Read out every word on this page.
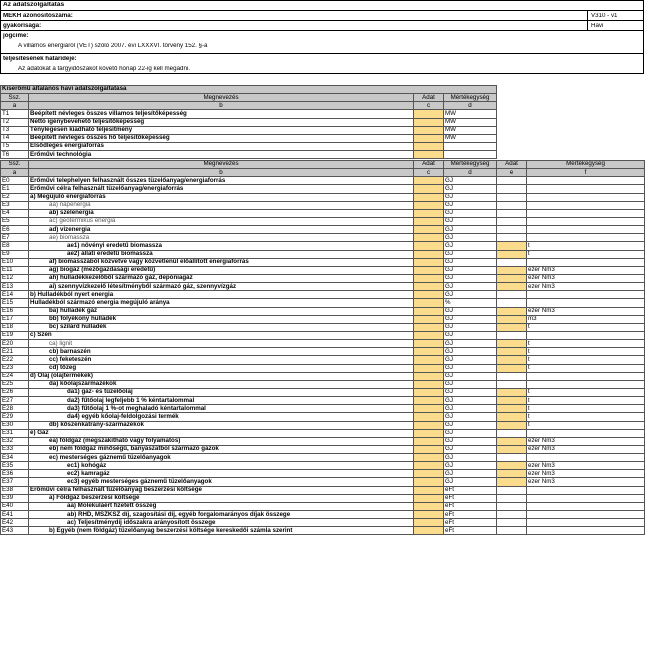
Az adatszolgáltatás
MEKH azonosítószáma:	V310 - v1
gyakorisága:	Havi
jogcíme:
A villamos energiáról (VET) szóló 2007. évi LXXXVI. törvény 152. §-a
teljesítésének határideje:
Az adatokat a tárgyidőszakot követő hónap 22-ig kell megadni.
Kiserőmű általános havi adatszolgáltatása			
Ssz.	Megnevezés	Adat	Mértékegység
a	b	c	d
T1	Beépített névleges összes villamos teljesítőképesség		MW
T2	Nettó igénybevehető teljesítőképesség		MW
T3	Ténylegesen kiadható teljesítmény		MW
T4	Beépített névleges összes hő teljesítőképesség		MW
T5	Elsődleges energiaforrás		
T6	Erőművi technológia		
Ssz.	Megnevezés	Adat	Mértékegység	Adat	Mértékegység
a	b	c	d	e	f
E0	Erőművi telephelyen felhasznált összes tüzelőanyag/energiaforrás		GJ		
E1	Erőművi célra felhasznált tüzelőanyag/energiaforrás		GJ		
E2	a) Megújuló energiaforrás		GJ		
E3	aa) napenergia		GJ		
E4	ab) szélenergia		GJ		
E5	ac) geotermikus energia		GJ		
E6	ad) vízenergia		GJ		
E7	ae) biomassza		GJ		
E8	ae1) növényi eredetű biomassza		GJ		t
E9	ae2) állati eredetű biomassza		GJ		t
E10	af) biomasszából közvetve vagy közvetlenül előállított energiaforrás		GJ		
E11	ag) biogáz (mezőgazdasági eredetű)		GJ		ezer Nm3
E12	ah) hulladékkezelőből származó gáz, depóniagáz		GJ		ezer Nm3
E13	ai) szennyvízkezelő létesítményből származó gáz, szennyvízgáz		GJ		ezer Nm3
E14	b) Hulladékból nyert energia		GJ		
E15	Hulladékból származó energia megújuló aránya		%		
E16	ba) hulladék gáz		GJ		ezer Nm3
E17	bb) folyékony hulladék		GJ		m3
E18	bc) szilárd hulladék		GJ		t
E19	c) Szén		GJ		
E20	ca) lignit		GJ		t
E21	cb) barnaszén		GJ		t
E22	cc) feketeszén		GJ		t
E23	cd) tőzeg		GJ		t
E24	d) Olaj (olajtermékek)		GJ		
E25	da) kőolajszármazékok		GJ		
E26	da1) gáz- és tüzelőolaj		GJ		t
E27	da2) fűtőolaj legfeljebb 1 % kéntartalommal		GJ		t
E28	da3) fűtőolaj 1 %-ot meghaladó kéntartalommal		GJ		t
E29	da4) egyéb kőolaj-feldolgozási termék		GJ		t
E30	db) kőszénkátrány-származékok		GJ		t
E31	e) Gáz		GJ		
E32	ea) földgáz (megszakítható vagy folyamatos)		GJ		ezer Nm3
E33	eb) nem földgáz minőségű, bányászatból származó gázok		GJ		ezer Nm3
E34	ec) mesterséges gáznemű tüzelőanyagok		GJ		
E35	ec1) kohógáz		GJ		ezer Nm3
E36	ec2) kamragáz		GJ		ezer Nm3
E37	ec3) egyéb mesterséges gáznemű tüzelőanyagok		GJ		ezer Nm3
E38	Erőművi célra felhasznált tüzelőanyag beszerzési költsége		eFt		
E39	a) Földgáz beszerzési költsége		eFt		
E40	aa) Molekuláért fizetett összeg		eFt		
E41	ab) RHD, MSZKSZ díj, szagosítási díj, egyéb forgalomarányos díjak összege		eFt		
E42	ac) Teljesítménydíj időszakra arányosított összege		eFt		
E43	b) Egyéb (nem földgáz) tüzelőanyag beszerzési költsége kereskedői számla szerint		eFt		
